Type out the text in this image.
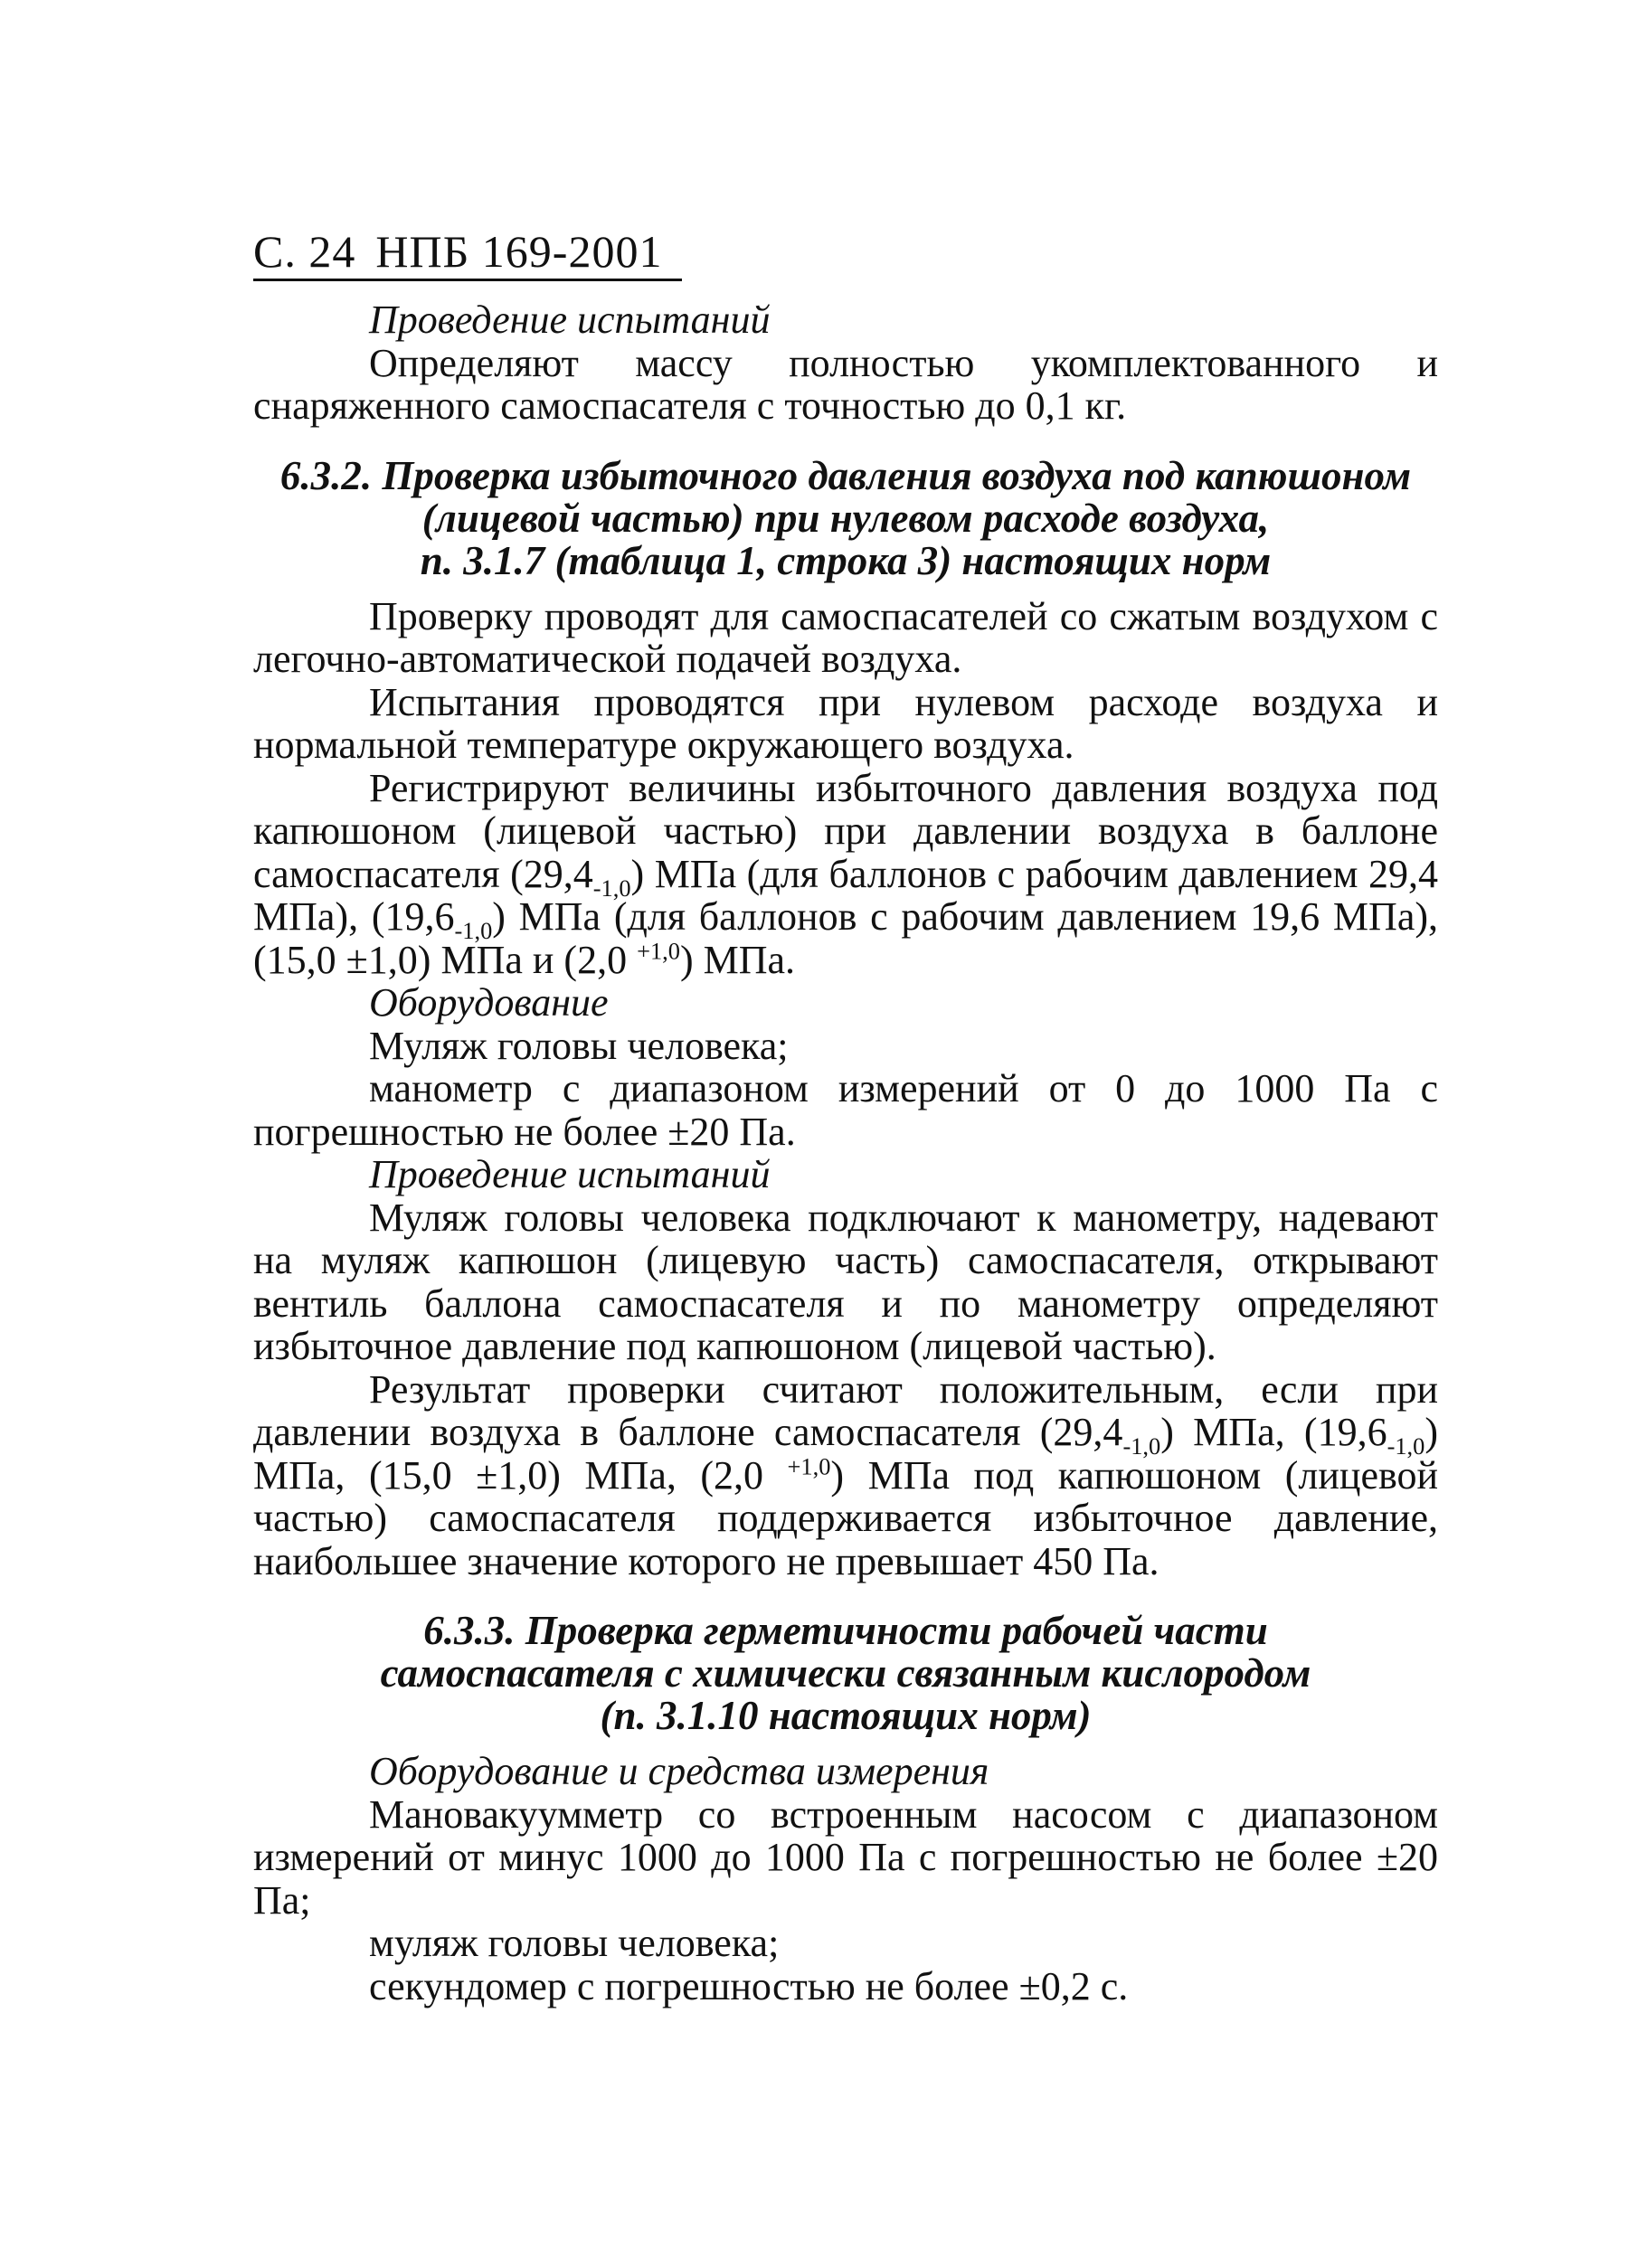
С. 24 НПБ 169-2001

Проведение испытаний

Определяют массу полностью укомплектованного и снаряженного самоспасателя с точностью до 0,1 кг.

6.3.2. Проверка избыточного давления воздуха под капюшоном
(лицевой частью) при нулевом расходе воздуха,
п. 3.1.7 (таблица 1, строка 3) настоящих норм

Проверку проводят для самоспасателей со сжатым воздухом с легочно-автоматической подачей воздуха.

Испытания проводятся при нулевом расходе воздуха и нормальной температуре окружающего воздуха.

Регистрируют величины избыточного давления воздуха под капюшоном (лицевой частью) при давлении воздуха в баллоне самоспасателя $(29,4_{-1,0})$ МПа (для баллонов с рабочим давлением 29,4 МПа), $(19,6_{-1,0})$ МПа (для баллонов с рабочим давлением 19,6 МПа), (15,0 ±1,0) МПа и (2,0 $^{+1,0}$) МПа.

Оборудование

Муляж головы человека;

манометр с диапазоном измерений от 0 до 1000 Па с погрешностью не более ±20 Па.

Проведение испытаний

Муляж головы человека подключают к манометру, надевают на муляж капюшон (лицевую часть) самоспасателя, открывают вентиль баллона самоспасателя и по манометру определяют избыточное давление под капюшоном (лицевой частью).

Результат проверки считают положительным, если при давлении воздуха в баллоне самоспасателя $(29,4_{-1,0})$ МПа, $(19,6_{-1,0})$ МПа, (15,0 ±1,0) МПа, (2,0 $^{+1,0}$) МПа под капюшоном (лицевой частью) самоспасателя поддерживается избыточное давление, наибольшее значение которого не превышает 450 Па.

6.3.3. Проверка герметичности рабочей части
самоспасателя с химически связанным кислородом
(п. 3.1.10 настоящих норм)

Оборудование и средства измерения

Мановакуумметр со встроенным насосом с диапазоном измерений от минус 1000 до 1000 Па с погрешностью не более ±20 Па;

муляж головы человека;

секундомер с погрешностью не более ±0,2 с.
